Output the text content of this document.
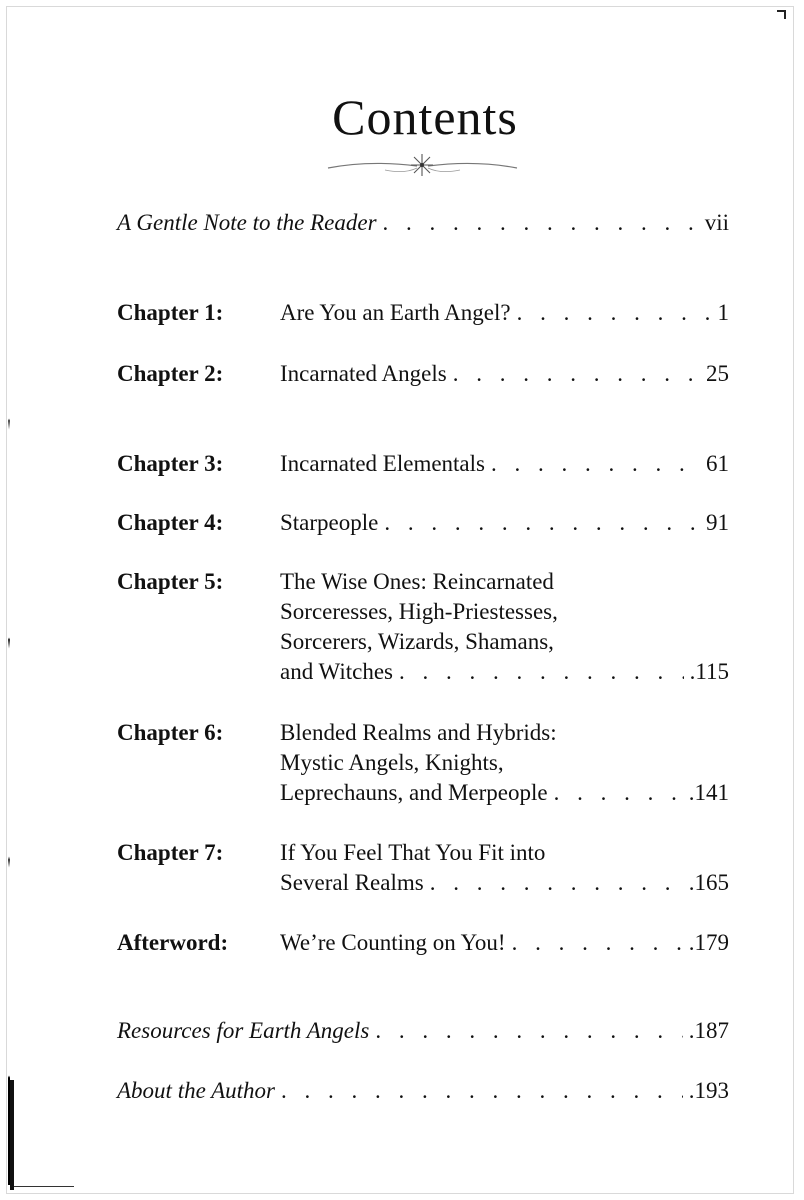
Contents
A Gentle Note to the Reader . . .	vii
Chapter 1: Are You an Earth Angel? . . .	1
Chapter 2: Incarnated Angels . . .	25
Chapter 3: Incarnated Elementals . . .	61
Chapter 4: Starpeople . . .	91
Chapter 5: The Wise Ones: Reincarnated
Sorceresses, High-Priestesses,
Sorcerers, Wizards, Shamans,
and Witches . . .	.115
Chapter 6: Blended Realms and Hybrids:
Mystic Angels, Knights,
Leprechauns, and Merpeople . . .	.141
Chapter 7: If You Feel That You Fit into
Several Realms . . .	.165
Afterword: We’re Counting on You! . . .	.179
Resources for Earth Angels . . .	.187
About the Author . . .	.193
